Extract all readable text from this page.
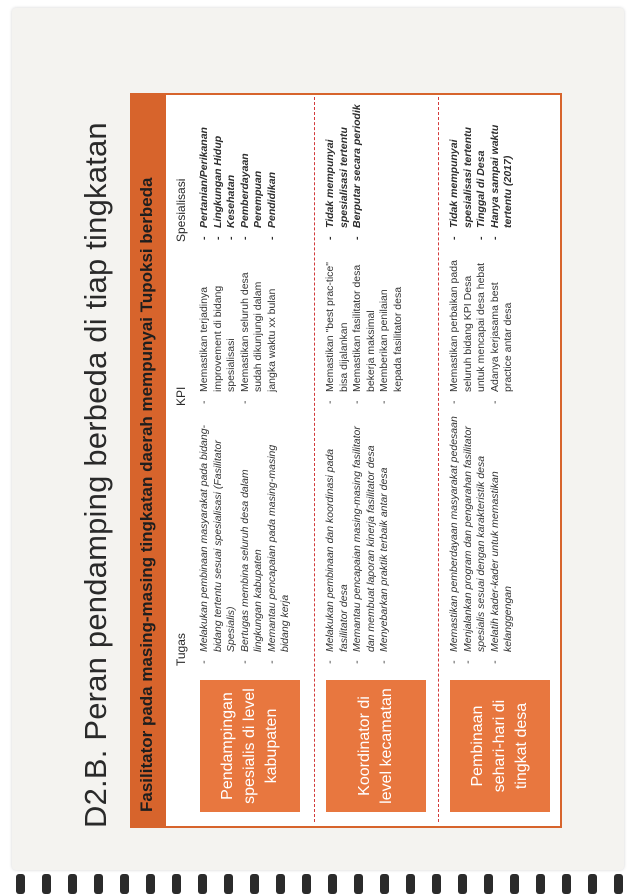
D2.B. Peran pendamping berbeda di tiap tingkatan Fasilitator pada masing-masing tingkatan daerah mempunyai Tupoksi berbeda Tugas
KPI
Spesialisasi
Pendampingan spesialis di level kabupaten
- Melakukan pembinaan masyarakat pada bidang-bidang tertentu sesuai spesialisasi (Fasilitator Spesialis) - Bertugas membina seluruh desa dalam lingkungan kabupaten - Memantau pencapaian pada masing-masing bidang kerja
- Memastikan terjadinya improvement di bidang spesialisasi - Memastikan seluruh desa sudah dikunjungi dalam jangka waktu xx bulan
- Pertanian/Perikanan - Lingkungan Hidup - Kesehatan - Pemberdayaan Perempuan - Pendidikan
Koordinator di level kecamatan
- Melakukan pembinaan dan koordinasi pada fasilitator desa - Memantau pencapaian masing-masing fasilitator dan membuat laporan kinerja fasilitator desa - Menyebarkan praktik terbaik antar desa
- Memastikan "best prac-tice" bisa dijalankan - Memastikan fasilitator desa bekerja maksimal - Memberikan penilaian kepada fasilitator desa
- Tidak mempunyai spesialisasi tertentu - Berputar secara periodik
Pembinaan sehari-hari di tingkat desa
- Memastikan pemberdayaan masyarakat pedesaan - Menjalankan program dan pengarahan fasilitator spesialis sesuai dengan karakteristik desa - Melatih kader-kader untuk memastikan kelanggengan
- Memastikan perbaikan pada seluruh bidang KPI Desa untuk mencapai desa hebat - Adanya kerjasama best practice antar desa
- Tidak mempunyai spesialisasi tertentu - Tinggal di Desa - Hanya sampai waktu tertentu (2017)
